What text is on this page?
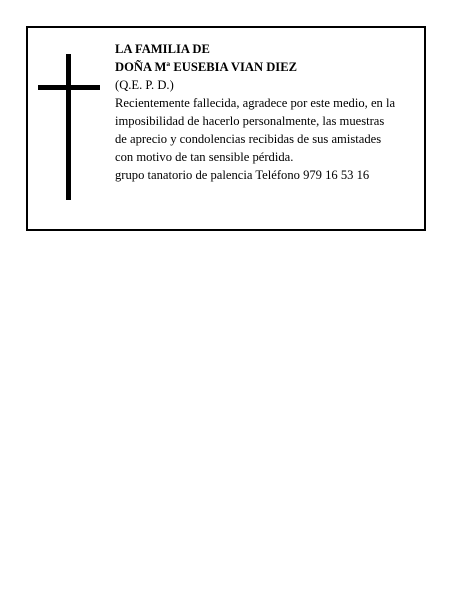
LA FAMILIA DE
DOÑA Mª EUSEBIA VIAN DIEZ
(Q.E. P. D.)
Recientemente fallecida, agradece por este medio, en la
imposibilidad de hacerlo personalmente, las muestras
de aprecio y condolencias recibidas de sus amistades
con motivo de tan sensible pérdida.
grupo tanatorio de palencia Teléfono 979 16 53 16
